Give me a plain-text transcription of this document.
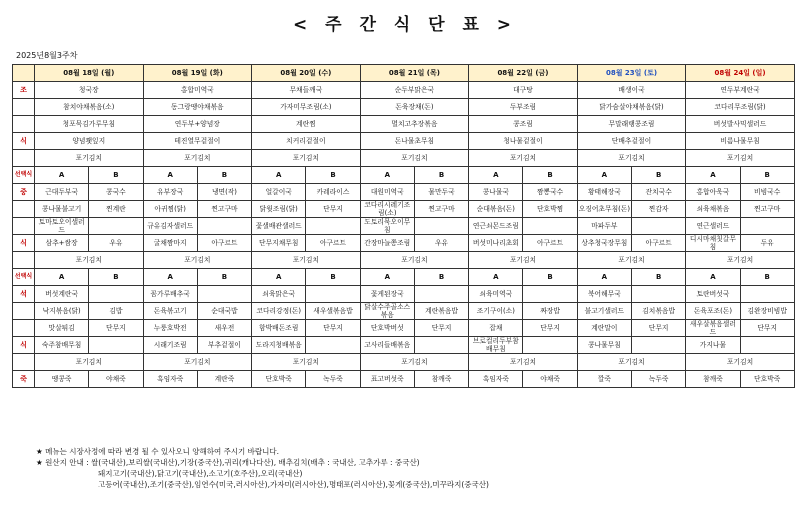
< 주 간 식 단 표 >
2025년8월3주차
	08월 18일 (월)		08월 19일 (화)		08월 20일 (수)		08월 21일 (목)		08월 22일 (금)		08월 23일 (토)		08월 24일 (일)	
조	청국장		홍합미역국		무채들깨국		순두부맑은국		대구탕		배생이국		연두부계란국	
	참치야채볶음(소)		동그랑땡야채볶음		가자미무조림(소)		돈육장채(돈)		두부조림		닭가슴살야채볶음(닭)		코다리무조림(닭)	
	청포묵김가루무침		연두부+양념장		계란찜		멸치고추장볶음		콩조림		무말래랭콩조림		버섯발사믹샐러드	
식	양념꽷잎지		테진열무겉절이		치커리겉절이		돈나물초무침		청나물겉절이		단배추겉절이		비름나물무침	
	포기김치		포기김치		포기김치		포기김치		포기김치		포기김치		포기김치	
선택식	A	B	A	B	A	B	A	B	A	B	A	B	A	B
중	근대두부국	콩국수	유부장국	냉면(작)	얼갈이국	카레라이스	대원미역국	물만두국	콩나물국	짬뽕국수	황태해장국	잔치국수	홍합아욱국	비빔국수
	콩나물불고기	찐계란	아귀찜(닭)	찐고구마	닭윗조림(닭)	단무지	코다리시레기조림(소)	찐고구마	순대볶음(돈)	단호박찜	오징어초무침(돈)	찐감자	쇠육채볶음	찐고구마
	토마토오이샐러드		규유김자샐러드		꽃샐배관샐러드		도토리묵오이무침		연근쇠몬드조림		마파두부		연근샐러드	
식	삼추+쌈장	우유	굴채짬마지	아구르트	단무지채무침	아구르트	간장마늘쫑조림	우유	버섯미나리초회	아구르트	상추청국장무침	아구르트	디시마채칫갈무침	두유
	포기김치		포기김치		포기김치		포기김치		포기김치		포기김치		포기김치	
선택식	A	B	A	B	A	B	A	B	A	B	A	B	A	B
석	버섯계란국		꼼가루배추국		쇠육맑은국		꽃게된장국		쇠육미역국		북어해무국		토란버섯국	
	낙지볶음(닭)	김밥	돈육볶고기	순대국밥	코다리강정(돈)	새우샐볶음밥	닭살수주골소스볶음	계란볶음밥	조기구이(소)	짜장밥	불고기샐러드	김치볶음밥	돈육포조(돈)	김완장비빔밥
	맛살튀김	단무지	누룽호박전	새우전	함박배돈조림	단무지	단호박버섯	단무지	잡채	단무지	계란말이	단무지	새우살볶음샐러드	단무지
식	숙주참배무침		시래기조림	부추겉절이	도라지청배볶음		고사리들배볶음		브로컬리두부참배무침		콩나물무침		가지나물	
	포기김치		포기김치		포기김치		포기김치		포기김치		포기김치		포기김치	
죽	땡콩죽	야채죽	흑임자죽	계란죽	단호박죽	녹두죽	표고버섯죽	참깨죽	흑임자죽	야채죽	깔죽	녹두죽	참깨죽	단호박죽
★ 메뉴는 시장사정에 따라 변경 될 수 있사오니 양해하여 주시기 바랍니다.
★ 원산지 안내 : 쌀(국내산),보리쌀(국내산),기장(중국산),귀리(캐나다산), 배추김치(배추 : 국내산, 고추가루 : 중국산)
돼지고기(국내산),닭고기(국내산),소고기(호주산),오리(국내산)
고등어(국내산),조기(중국산),임연수(미국,러시아산),가자미(러시아산),명태포(러시아산),꽃게(중국산),미꾸라지(중국산)
